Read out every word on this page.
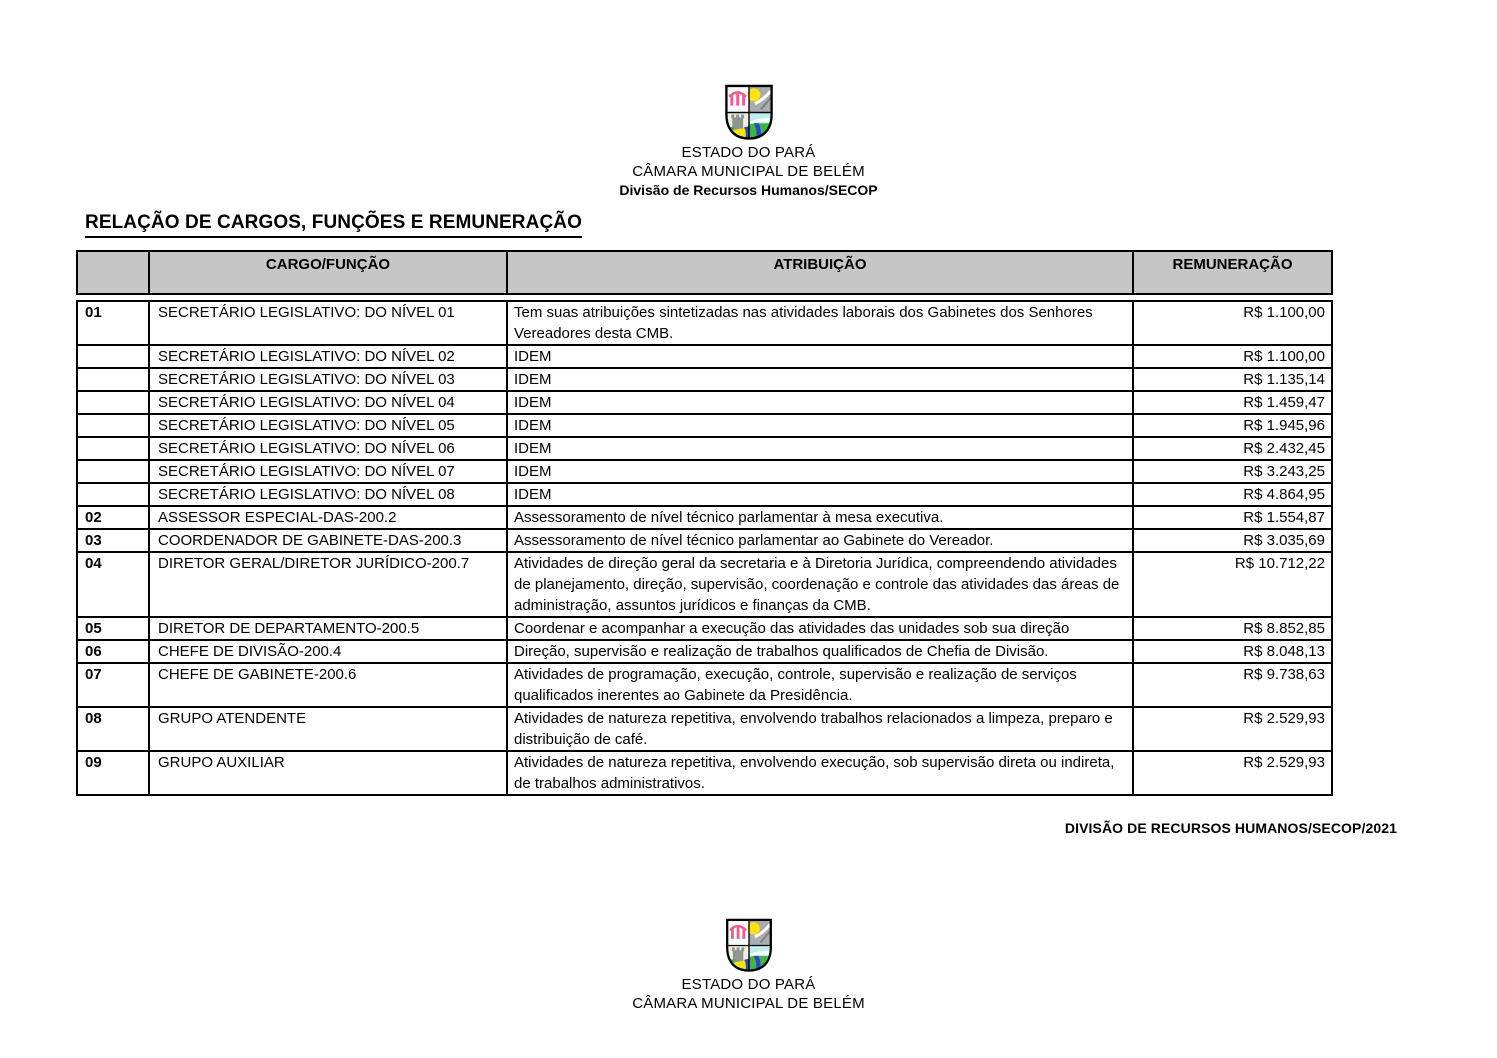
ESTADO DO PARÁ
CÂMARA MUNICIPAL DE BELÉM
Divisão de Recursos Humanos/SECOP
RELAÇÃO DE CARGOS, FUNÇÕES E REMUNERAÇÃO
	CARGO/FUNÇÃO	ATRIBUIÇÃO	REMUNERAÇÃO
01	SECRETÁRIO LEGISLATIVO: DO NÍVEL 01	Tem suas atribuições sintetizadas nas atividades laborais dos Gabinetes dos Senhores Vereadores desta CMB.	R$ 1.100,00
	SECRETÁRIO LEGISLATIVO: DO NÍVEL 02	IDEM	R$ 1.100,00
	SECRETÁRIO LEGISLATIVO: DO NÍVEL 03	IDEM	R$ 1.135,14
	SECRETÁRIO LEGISLATIVO: DO NÍVEL 04	IDEM	R$ 1.459,47
	SECRETÁRIO LEGISLATIVO: DO NÍVEL 05	IDEM	R$ 1.945,96
	SECRETÁRIO LEGISLATIVO: DO NÍVEL 06	IDEM	R$ 2.432,45
	SECRETÁRIO LEGISLATIVO: DO NÍVEL 07	IDEM	R$ 3.243,25
	SECRETÁRIO LEGISLATIVO: DO NÍVEL 08	IDEM	R$ 4.864,95
02	ASSESSOR ESPECIAL-DAS-200.2	Assessoramento de nível técnico parlamentar à mesa executiva.	R$ 1.554,87
03	COORDENADOR DE GABINETE-DAS-200.3	Assessoramento de nível técnico parlamentar ao Gabinete do Vereador.	R$ 3.035,69
04	DIRETOR GERAL/DIRETOR JURÍDICO-200.7	Atividades de direção geral da secretaria e à Diretoria Jurídica, compreendendo atividades de planejamento, direção, supervisão, coordenação e controle das atividades das áreas de administração, assuntos jurídicos e finanças da CMB.	R$ 10.712,22
05	DIRETOR DE DEPARTAMENTO-200.5	Coordenar e acompanhar a execução das atividades das unidades sob sua direção	R$ 8.852,85
06	CHEFE DE DIVISÃO-200.4	Direção, supervisão e realização de trabalhos qualificados de Chefia de Divisão.	R$ 8.048,13
07	CHEFE DE GABINETE-200.6	Atividades de programação, execução, controle, supervisão e realização de serviços qualificados inerentes ao Gabinete da Presidência.	R$ 9.738,63
08	GRUPO ATENDENTE	Atividades de natureza repetitiva, envolvendo trabalhos relacionados a limpeza, preparo e distribuição de café.	R$ 2.529,93
09	GRUPO AUXILIAR	Atividades de natureza repetitiva, envolvendo execução, sob supervisão direta ou indireta, de trabalhos administrativos.	R$ 2.529,93
DIVISÃO DE RECURSOS HUMANOS/SECOP/2021
ESTADO DO PARÁ
CÂMARA MUNICIPAL DE BELÉM
